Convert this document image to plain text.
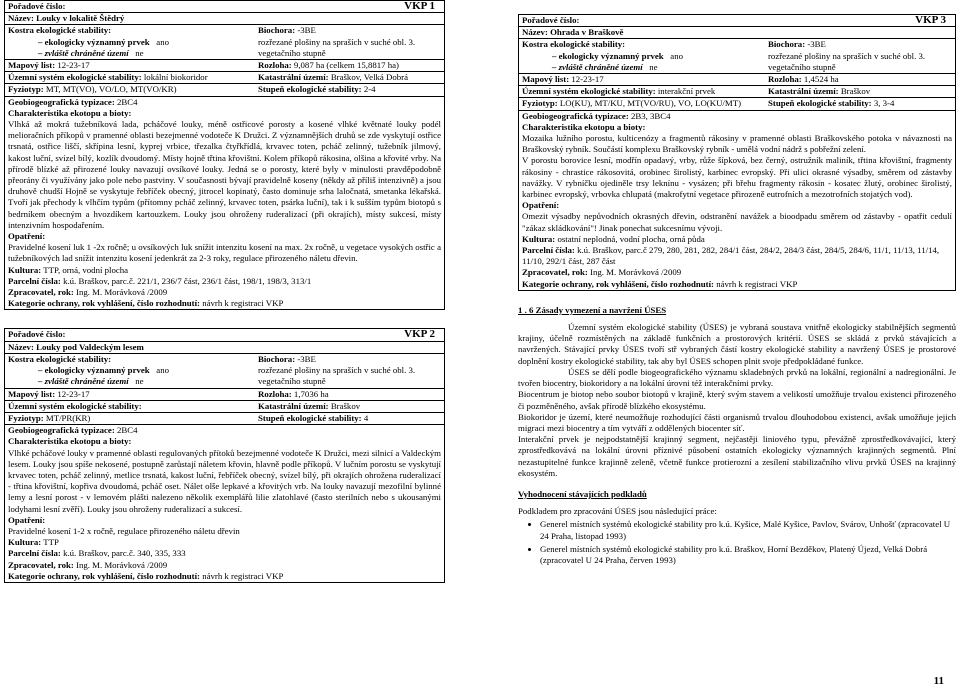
Pořadové číslo:	VKP 1
Název: Louky v lokalitě Štědrý
Kostra ekologické stability:
– ekologicky významný prvek ano
– zvláště chráněné území ne
Biochora: -3BE
rozřezané plošiny na spraších v suché obl. 3. vegetačního stupně
Mapový list: 12-23-17	Rozloha: 9,087 ha (celkem 15,8817 ha)
Územní systém ekologické stability: lokální biokoridor	Katastrální území: Braškov, Velká Dobrá
Fyziotyp: MT, MT(VO), VO/LO, MT(VO/KR)	Stupeň ekologické stability: 2-4
Geobiogeografická typizace: 2BC4
Charakteristika ekotopu a bioty:
Vlhká až mokrá tužebníková lada, pcháčové louky, méně ostřicové porosty a kosené vlhké květnaté louky podél melioračních příkopů v pramenné oblasti bezejmenné vodoteče K Družci. Z významnějších druhů se zde vyskytují ostřice trsnatá, ostřice liščí, skřípina lesní, kyprej vrbice, třezalka čtyřkřídlá, krvavec toten, pcháč zelinný, tužebník jilmový, kakost luční, svízel bílý, kozlík dvoudomý. Místy hojně třtina křovištní. Kolem příkopů rákosina, olšina a křovité vrby. Na přírodě blízké až přirozené louky navazují ovsíkové louky. Jedná se o porosty, které byly v minulosti pravděpodobně přeorány či využívány jako pole nebo pastviny. V současnosti bývají pravidelně koseny (někdy až příliš intenzivně) a jsou druhově chudší Hojně se vyskytuje řebříček obecný, jitrocel kopinatý, často dominuje srha laločnatá, smetanka lékařská. Tvoří jak přechody k vlhčím typům (přítomny pcháč zelinný, krvavec toten, psárka luční), tak i k sušším typům biotopů s bedrníkem obecným a hvozdíkem kartouzkem. Louky jsou ohroženy ruderalizací (při okrajích), místy sukcesí, místy intenzivním hospodařením.
Opatření:
Pravidelné kosení luk 1 -2x ročně; u ovsíkových luk snížit intenzitu kosení na max. 2x ročně, u vegetace vysokých ostřic a tužebníkových lad snížit intenzitu kosení jedenkrát za 2-3 roky, regulace přirozeného náletu dřevin.
Kultura: TTP, orná, vodní plocha
Parcelní čísla: k.ú. Braškov, parc.č. 221/1, 236/7 část, 236/1 část, 198/1, 198/3, 313/1
Zpracovatel, rok: Ing. M. Morávková /2009
Kategorie ochrany, rok vyhlášení, číslo rozhodnutí: návrh k registraci VKP
Pořadové číslo:	VKP 2
Název: Louky pod Valdeckým lesem
Kostra ekologické stability:
– ekologicky významný prvek ano
– zvláště chráněné území ne
Biochora: -3BE
rozřezané plošiny na spraších v suché obl. 3. vegetačního stupně
Mapový list: 12-23-17	Rozloha: 1,7036 ha
Územní systém ekologické stability:	Katastrální území: Braškov
Fyziotyp: MT/PR(KR)	Stupeň ekologické stability: 4
Geobiogeografická typizace: 2BC4
Charakteristika ekotopu a bioty:
Vlhké pcháčové louky v pramenné oblasti regulovaných přítoků bezejmenné vodoteče K Družci, mezi silnicí a Valdeckým lesem. Louky jsou spíše nekosené, postupně zarůstají náletem křovin, hlavně podle příkopů. V lučním porostu se vyskytují krvavec toten, pcháč zelinný, metlice trsnatá, kakost luční, řebříček obecný, svízel bílý, při okrajích ohrožena ruderalizací - třtina křovištní, kopřiva dvoudomá, pcháč oset. Nálet olše lepkavé a křovitých vrb. Na louky navazují mezofilní bylinné lemy a lesní porost - v lemovém plášti nalezeno několik exemplářů lilie zlatohlavé (často sterilních nebo s ukousanými lodyhami lesní zvěří). Louky jsou ohroženy ruderalizací a sukcesí.
Opatření:
Pravidelné kosení 1-2 x ročně, regulace přirozeného náletu dřevin
Kultura: TTP
Parcelní čísla: k.ú. Braškov, parc.č. 340, 335, 333
Zpracovatel, rok: Ing. M. Morávková /2009
Kategorie ochrany, rok vyhlášení, číslo rozhodnutí: návrh k registraci VKP
Pořadové číslo:	VKP 3
Název: Ohrada v Braškově
Kostra ekologické stability:
– ekologicky významný prvek ano
– zvláště chráněné území ne
Biochora: -3BE
rozřezané plošiny na spraších v suché obl. 3. vegetačního stupně
Mapový list: 12-23-17	Rozloha: 1,4524 ha
Územní systém ekologické stability: interakční prvek	Katastrální území: Braškov
Fyziotyp: LO(KU), MT/KU, MT(VO/RU), VO, LO(KU/MT)	Stupeň ekologické stability: 3, 3-4
Geobiogeografická typizace: 2B3, 3BC4
Charakteristika ekotopu a bioty:
Mozaika lužního porostu, kulticenózy a fragmentů rákosiny v pramenné oblasti Braškovského potoka v návaznosti na Braškovský rybník. Součástí komplexu Braškovský rybník - umělá vodní nádrž s pobřežní zelení.
V porostu borovice lesní, modřín opadavý, vrby, růže šípková, bez černý, ostružník maliník, třtina křovištní, fragmenty rákosiny - chrastice rákosovitá, orobinec širolistý, karbinec evropský. Při ulici okrasné výsadby, směrem od zástavby navážky. V rybníčku ojediněle trsy leknínu - vysázen; při břehu fragmenty rákosin - kosatec žlutý, orobinec širolistý, karbinec evropský, vrbovka chlupatá (makrofytní vegetace přirozeně eutrofních a mezotrofních stojatých vod).
Opatření:
Omezit výsadby nepůvodních okrasných dřevin, odstranění navážek a bioodpadu směrem od zástavby - opatřit cedulí "zákaz skládkování"! Jinak ponechat sukcesnímu vývoji.
Kultura: ostatní neplodná, vodní plocha, orná půda
Parcelní čísla: k.ú. Braškov, parc.č 279, 280, 281, 282, 284/1 část, 284/2, 284/3 část, 284/5, 284/6, 11/1, 11/13, 11/14, 11/10, 292/1 část, 287 část
Zpracovatel, rok: Ing. M. Morávková /2009
Kategorie ochrany, rok vyhlášení, číslo rozhodnutí: návrh k registraci VKP
1 . 6 Zásady vymezení a navržení ÚSES
Územní systém ekologické stability (ÚSES) je vybraná soustava vnitřně ekologicky stabilnějších segmentů krajiny, účelně rozmístěných na základě funkčních a prostorových kritérií. ÚSES se skládá z prvků stávajících a navržených. Stávající prvky ÚSES tvoří stř vybraných částí kostry ekologické stability a navržený ÚSES je prostorové doplnění kostry ekologické stability, tak aby byl ÚSES schopen plnit svoje předpokládané funkce.
ÚSES se dělí podle biogeografického významu skladebných prvků na lokální, regionální a nadregionální. Je tvořen biocentry, biokoridory a na lokální úrovni též interakčními prvky.
Biocentrum je biotop nebo soubor biotopů v krajině, který svým stavem a velikostí umožňuje trvalou existenci přirozeného či pozměněného, avšak přírodě blízkého ekosystému.
Biokoridor je území, které neumožňuje rozhodující části organismů trvalou dlouhodobou existenci, avšak umožňuje jejich migraci mezi biocentry a tím vytváří z oddělených biocenter síť.
Interakční prvek je nejpodstatnější krajinný segment, nejčastěji liniového typu, převážně zprostředkovávající, který zprostředkovává na lokální úrovni příznivé působení ostatních ekologicky významných krajinných segmentů. Plní nezastupitelné funkce krajinně zeleně, včetně funkce protierozní a zesílení stabilizačního vlivu prvků ÚSES na krajinný ekosystém.
Vyhodnocení stávajících podkladů
Podkladem pro zpracování ÚSES jsou následující práce:
• Generel místních systémů ekologické stability pro k.ú. Kyšice, Malé Kyšice, Pavlov, Svárov, Unhošť (zpracovatel U 24 Praha, listopad 1993)
• Generel místních systémů ekologické stability pro k.ú. Braškov, Horní Bezděkov, Platený Újezd, Velká Dobrá (zpracovatel U 24 Praha, červen 1993)
11
